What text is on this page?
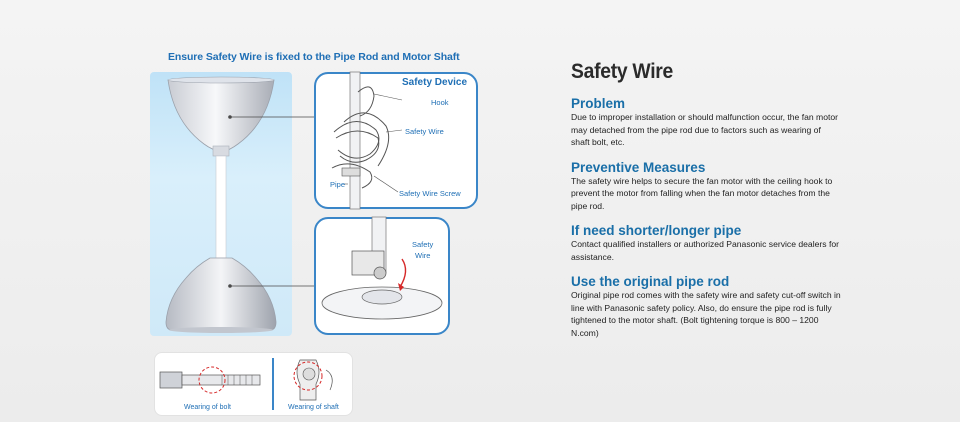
Ensure Safety Wire is fixed to the Pipe Rod and Motor Shaft
Safety Device
Hook
Safety Wire
Pipe
Safety Wire Screw
Safety
Wire
Wearing of bolt	Wearing of shaft
Safety Wire
Problem

Due to improper installation or should malfunction occur, the fan motor may detached from the pipe rod due to factors such as wearing of shaft bolt, etc.

Preventive Measures

The safety wire helps to secure the fan motor with the ceiling hook to prevent the motor from falling when the fan motor detaches from the pipe rod.

If need shorter/longer pipe

Contact qualified installers or authorized Panasonic service dealers for assistance.

Use the original pipe rod

Original pipe rod comes with the safety wire and safety cut-off switch in line with Panasonic safety policy. Also, do ensure the pipe rod is fully tightened to the motor shaft. (Bolt tightening torque is 800 – 1200 N.com)
